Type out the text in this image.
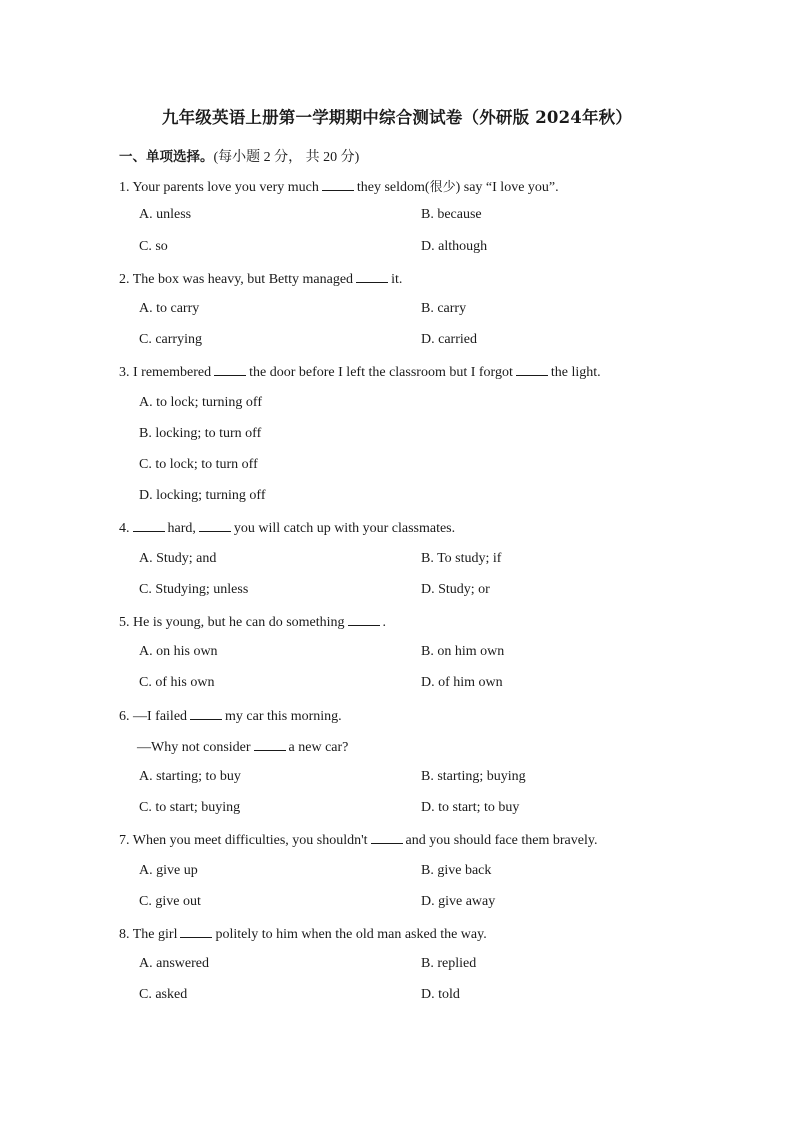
九年级英语上册第一学期期中综合测试卷（外研版 2024年秋）
一、单项选择。(每小题 2 分， 共 20 分)
1. Your parents love you very much	they seldom(很少) say “I love you”.
A. unless	B. because
C. so	D. although
2. The box was heavy, but Betty managed	it.
A. to carry	B. carry
C. carrying	D. carried
3. I remembered	the door before I left the classroom but I forgot	the light.
A. to lock; turning off
B. locking; to turn off
C. to lock; to turn off
D. locking; turning off
4.	hard,	you will catch up with your classmates.
A. Study; and	B. To study; if
C. Studying; unless	D. Study; or
5. He is young, but he can do something	.
A. on his own	B. on him own
C. of his own	D. of him own
6. —I failed	my car this morning.
—Why not consider	a new car?
A. starting; to buy	B. starting; buying
C. to start; buying	D. to start; to buy
7. When you meet difficulties, you shouldn't	and you should face them bravely.
A. give up	B. give back
C. give out	D. give away
8. The girl	politely to him when the old man asked the way.
A. answered	B. replied
C. asked	D. told
